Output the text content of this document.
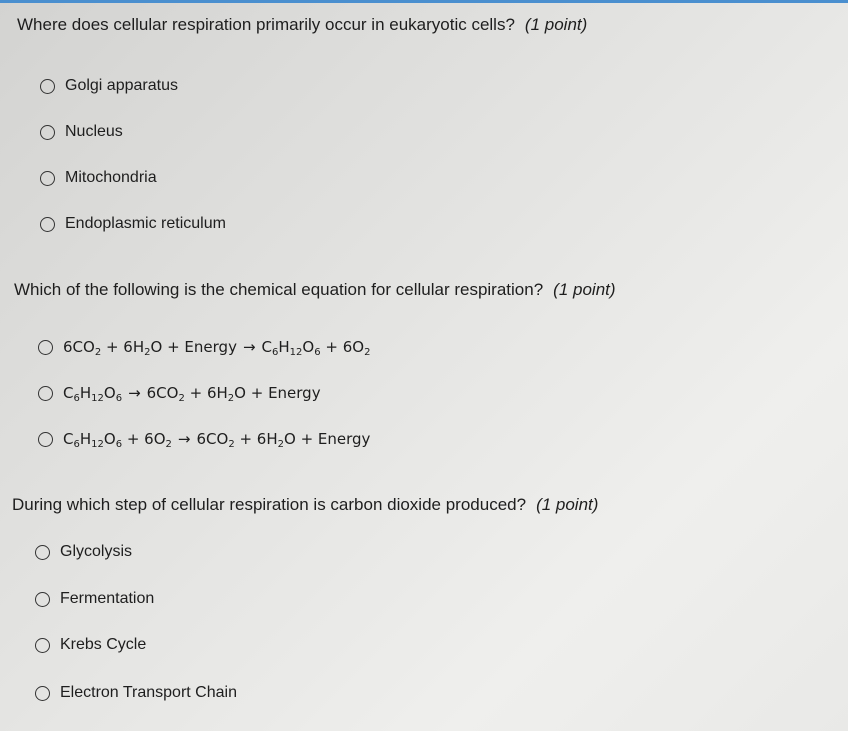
Where does cellular respiration primarily occur in eukaryotic cells? (1 point)
Golgi apparatus
Nucleus
Mitochondria
Endoplasmic reticulum
Which of the following is the chemical equation for cellular respiration? (1 point)
$6CO_2 + 6H_2O$ + Energy → $C_6H_{12}O_6 + 6O_2$
$C_6H_{12}O_6 \to 6CO_2 + 6H_2O$ + Energy
$C_6H_{12}O_6 + 6O_2 \to 6CO_2 + 6H_2O$ + Energy
During which step of cellular respiration is carbon dioxide produced? (1 point)
Glycolysis
Fermentation
Krebs Cycle
Electron Transport Chain
